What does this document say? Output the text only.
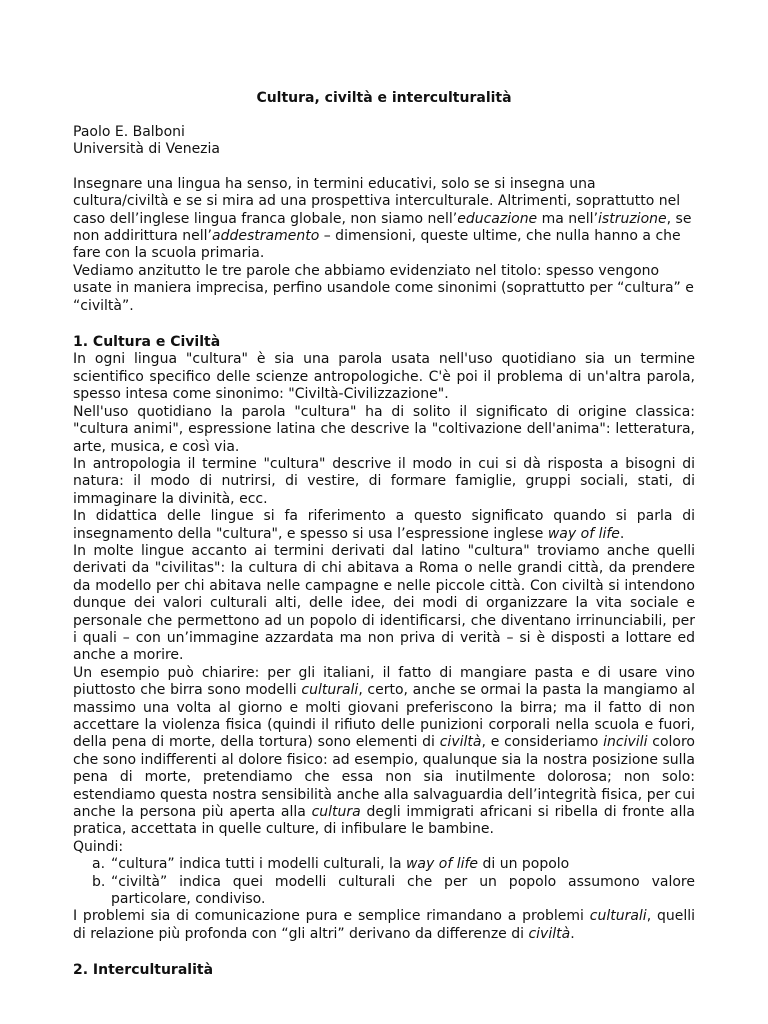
Cultura, civiltà e interculturalità

Paolo E. Balboni

Università di Venezia

Insegnare una lingua ha senso, in termini educativi, solo se si insegna una cultura/civiltà e se si mira ad una prospettiva interculturale. Altrimenti, soprattutto nel caso dell’inglese lingua franca globale, non siamo nell’educazione ma nell’istruzione, se non addirittura nell’addestramento – dimensioni, queste ultime, che nulla hanno a che fare con la scuola primaria.

Vediamo anzitutto le tre parole che abbiamo evidenziato nel titolo: spesso vengono usate in maniera imprecisa, perfino usandole come sinonimi (soprattutto per “cultura” e “civiltà”.

1. Cultura e Civiltà

In ogni lingua "cultura" è sia una parola usata nell'uso quotidiano sia un termine scientifico specifico delle scienze antropologiche. C'è poi il problema di un'altra parola, spesso intesa come sinonimo: "Civiltà-Civilizzazione".

Nell'uso quotidiano la parola "cultura" ha di solito il significato di origine classica: "cultura animi", espressione latina che descrive la "coltivazione dell'anima": letteratura, arte, musica, e così via.

In antropologia il termine "cultura" descrive il modo in cui si dà risposta a bisogni di natura: il modo di nutrirsi, di vestire, di formare famiglie, gruppi sociali, stati, di immaginare la divinità, ecc.

In didattica delle lingue si fa riferimento a questo significato quando si parla di insegnamento della "cultura", e spesso si usa l’espressione inglese way of life.

In molte lingue accanto ai termini derivati dal latino "cultura" troviamo anche quelli derivati da "civilitas": la cultura di chi abitava a Roma o nelle grandi città, da prendere da modello per chi abitava nelle campagne e nelle piccole città. Con civiltà si intendono dunque dei valori culturali alti, delle idee, dei modi di organizzare la vita sociale e personale che permettono ad un popolo di identificarsi, che diventano irrinunciabili, per i quali – con un’immagine azzardata ma non priva di verità – si è disposti a lottare ed anche a morire.

Un esempio può chiarire: per gli italiani, il fatto di mangiare pasta e di usare vino piuttosto che birra sono modelli culturali, certo, anche se ormai la pasta la mangiamo al massimo una volta al giorno e molti giovani preferiscono la birra; ma il fatto di non accettare la violenza fisica (quindi il rifiuto delle punizioni corporali nella scuola e fuori, della pena di morte, della tortura) sono elementi di civiltà, e consideriamo incivili coloro che sono indifferenti al dolore fisico: ad esempio, qualunque sia la nostra posizione sulla pena di morte, pretendiamo che essa non sia inutilmente dolorosa; non solo: estendiamo questa nostra sensibilità anche alla salvaguardia dell’integrità fisica, per cui anche la persona più aperta alla cultura degli immigrati africani si ribella di fronte alla pratica, accettata in quelle culture, di infibulare le bambine.

Quindi:

a. “cultura” indica tutti i modelli culturali, la way of life di un popolo
b. “civiltà” indica quei modelli culturali che per un popolo assumono valore particolare, condiviso.

I problemi sia di comunicazione pura e semplice rimandano a problemi culturali, quelli di relazione più profonda con “gli altri” derivano da differenze di civiltà.

2. Interculturalità
